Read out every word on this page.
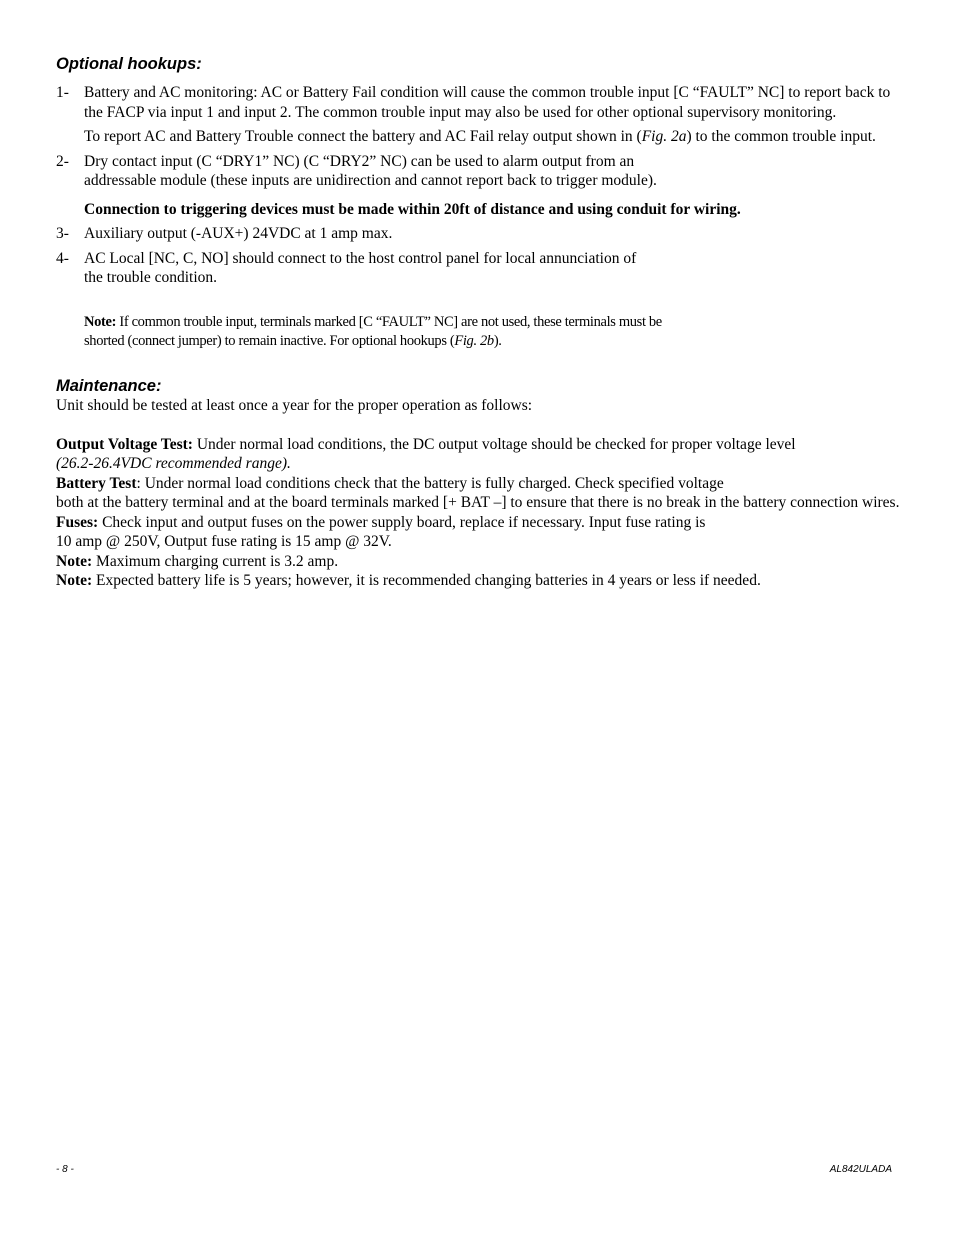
Optional hookups:
1- Battery and AC monitoring: AC or Battery Fail condition will cause the common trouble input [C “FAULT” NC] to report back to the FACP via input 1 and input 2. The common trouble input may also be used for other optional supervisory monitoring.
To report AC and Battery Trouble connect the battery and AC Fail relay output shown in (Fig. 2a) to the common trouble input.
2- Dry contact input (C “DRY1” NC) (C “DRY2” NC) can be used to alarm output from an
addressable module (these inputs are unidirection and cannot report back to trigger module).
Connection to triggering devices must be made within 20ft of distance and using conduit for wiring.
3- Auxiliary output (-AUX+) 24VDC at 1 amp max.
4- AC Local [NC, C, NO] should connect to the host control panel for local annunciation of
the trouble condition.
Note: If common trouble input, terminals marked [C “FAULT” NC] are not used, these terminals must be
shorted (connect jumper) to remain inactive. For optional hookups (Fig. 2b).
Maintenance:
Unit should be tested at least once a year for the proper operation as follows:
Output Voltage Test: Under normal load conditions, the DC output voltage should be checked for proper voltage level
(26.2-26.4VDC recommended range).
Battery Test: Under normal load conditions check that the battery is fully charged. Check specified voltage
both at the battery terminal and at the board terminals marked [+ BAT –] to ensure that there is no break in the battery connection wires.
Fuses: Check input and output fuses on the power supply board, replace if necessary. Input fuse rating is
10 amp @ 250V, Output fuse rating is 15 amp @ 32V.
Note: Maximum charging current is 3.2 amp.
Note: Expected battery life is 5 years; however, it is recommended changing batteries in 4 years or less if needed.
- 8 -	AL842ULADA
